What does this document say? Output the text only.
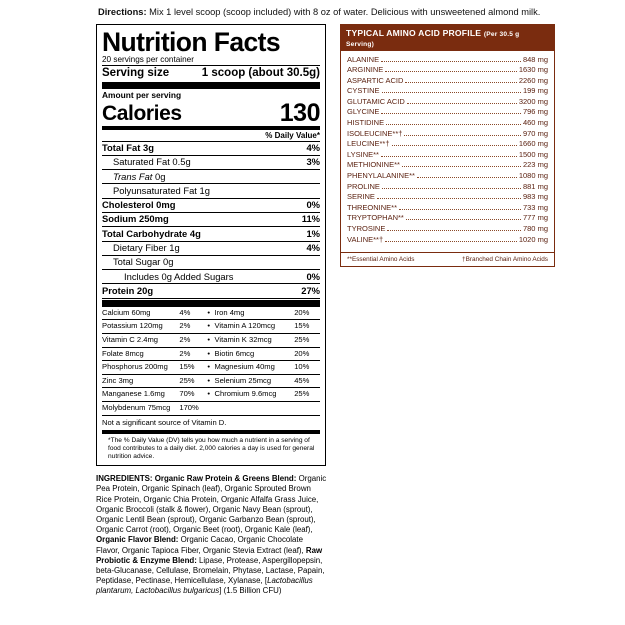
Directions: Mix 1 level scoop (scoop included) with 8 oz of water. Delicious with unsweetened almond milk.
Nutrition Facts
20 servings per container
Serving size	1 scoop (about 30.5g)
Amount per serving
Calories	130
% Daily Value*
Total Fat 3g	4%
Saturated Fat 0.5g	3%
Trans Fat 0g
Polyunsaturated Fat 1g
Cholesterol 0mg	0%
Sodium 250mg	11%
Total Carbohydrate 4g	1%
Dietary Fiber 1g	4%
Total Sugar 0g
Includes 0g Added Sugars	0%
Protein 20g	27%
Calcium 60mg	4%	•	Iron 4mg	20%
Potassium 120mg	2%	•	Vitamin A 120mcg	15%
Vitamin C 2.4mg	2%	•	Vitamin K 32mcg	25%
Folate 8mcg	2%	•	Biotin 6mcg	20%
Phosphorus 200mg	15%	•	Magnesium 40mg	10%
Zinc 3mg	25%	•	Selenium 25mcg	45%
Manganese 1.6mg	70%	•	Chromium 9.6mcg	25%
Molybdenum 75mcg	170%			
Not a significant source of Vitamin D.
*The % Daily Value (DV) tells you how much a nutrient in a serving of food contributes to a daily diet. 2,000 calories a day is used for general nutrition advice.
TYPICAL AMINO ACID PROFILE (Per 30.5 g Serving)
ALANINE	848 mg
ARGININE	1630 mg
ASPARTIC ACID	2260 mg
CYSTINE	199 mg
GLUTAMIC ACID	3200 mg
GLYCINE	796 mg
HISTIDINE	460 mg
ISOLEUCINE**†	970 mg
LEUCINE**†	1660 mg
LYSINE**	1500 mg
METHIONINE**	223 mg
PHENYLALANINE**	1080 mg
PROLINE	881 mg
SERINE	983 mg
THREONINE**	733 mg
TRYPTOPHAN**	777 mg
TYROSINE	780 mg
VALINE**†	1020 mg
**Essential Amino Acids	†Branched Chain Amino Acids
INGREDIENTS: Organic Raw Protein & Greens Blend: Organic Pea Protein, Organic Spinach (leaf), Organic Sprouted Brown Rice Protein, Organic Chia Protein, Organic Alfalfa Grass Juice, Organic Broccoli (stalk & flower), Organic Navy Bean (sprout), Organic Lentil Bean (sprout), Organic Garbanzo Bean (sprout), Organic Carrot (root), Organic Beet (root), Organic Kale (leaf), Organic Flavor Blend: Organic Cacao, Organic Chocolate Flavor, Organic Tapioca Fiber, Organic Stevia Extract (leaf), Raw Probiotic & Enzyme Blend: Lipase, Protease, Aspergillopepsin, beta-Glucanase, Cellulase, Bromelain, Phytase, Lactase, Papain, Peptidase, Pectinase, Hemicellulase, Xylanase, [Lactobacillus plantarum, Lactobacillus bulgaricus] (1.5 Billion CFU)
